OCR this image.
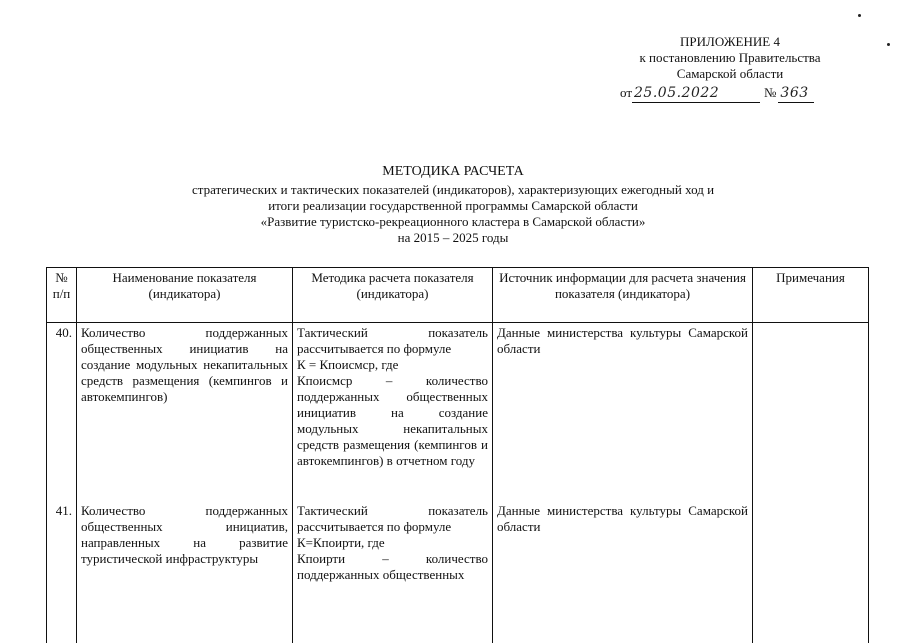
ПРИЛОЖЕНИЕ 4
к постановлению Правительства
Самарской области
от 25.05.2022	№ 363
МЕТОДИКА РАСЧЕТА
стратегических и тактических показателей (индикаторов), характеризующих ежегодный ход и
итоги реализации государственной программы Самарской области
«Развитие туристско-рекреационного кластера в Самарской области»
на 2015 – 2025 годы
№ п/п	Наименование показателя (индикатора)	Методика расчета показателя (индикатора)	Источник информации для расчета значения показателя (индикатора)	Примечания
40.	Количество поддержанных общественных инициатив на создание модульных некапитальных средств размещения (кемпингов и автокемпингов)	Тактический показатель рассчитывается по формуле
К = Кпоисмср, где
Кпоисмср – количество поддержанных общественных инициатив на создание модульных некапитальных средств размещения (кемпингов и автокемпингов) в отчетном году	Данные министерства культуры Самарской области	
41.	Количество поддержанных общественных инициатив, направленных на развитие туристической инфраструктуры	Тактический показатель рассчитывается по формуле
К=Кпоирти, где
Кпоирти – количество поддержанных общественных	Данные министерства культуры Самарской области	
